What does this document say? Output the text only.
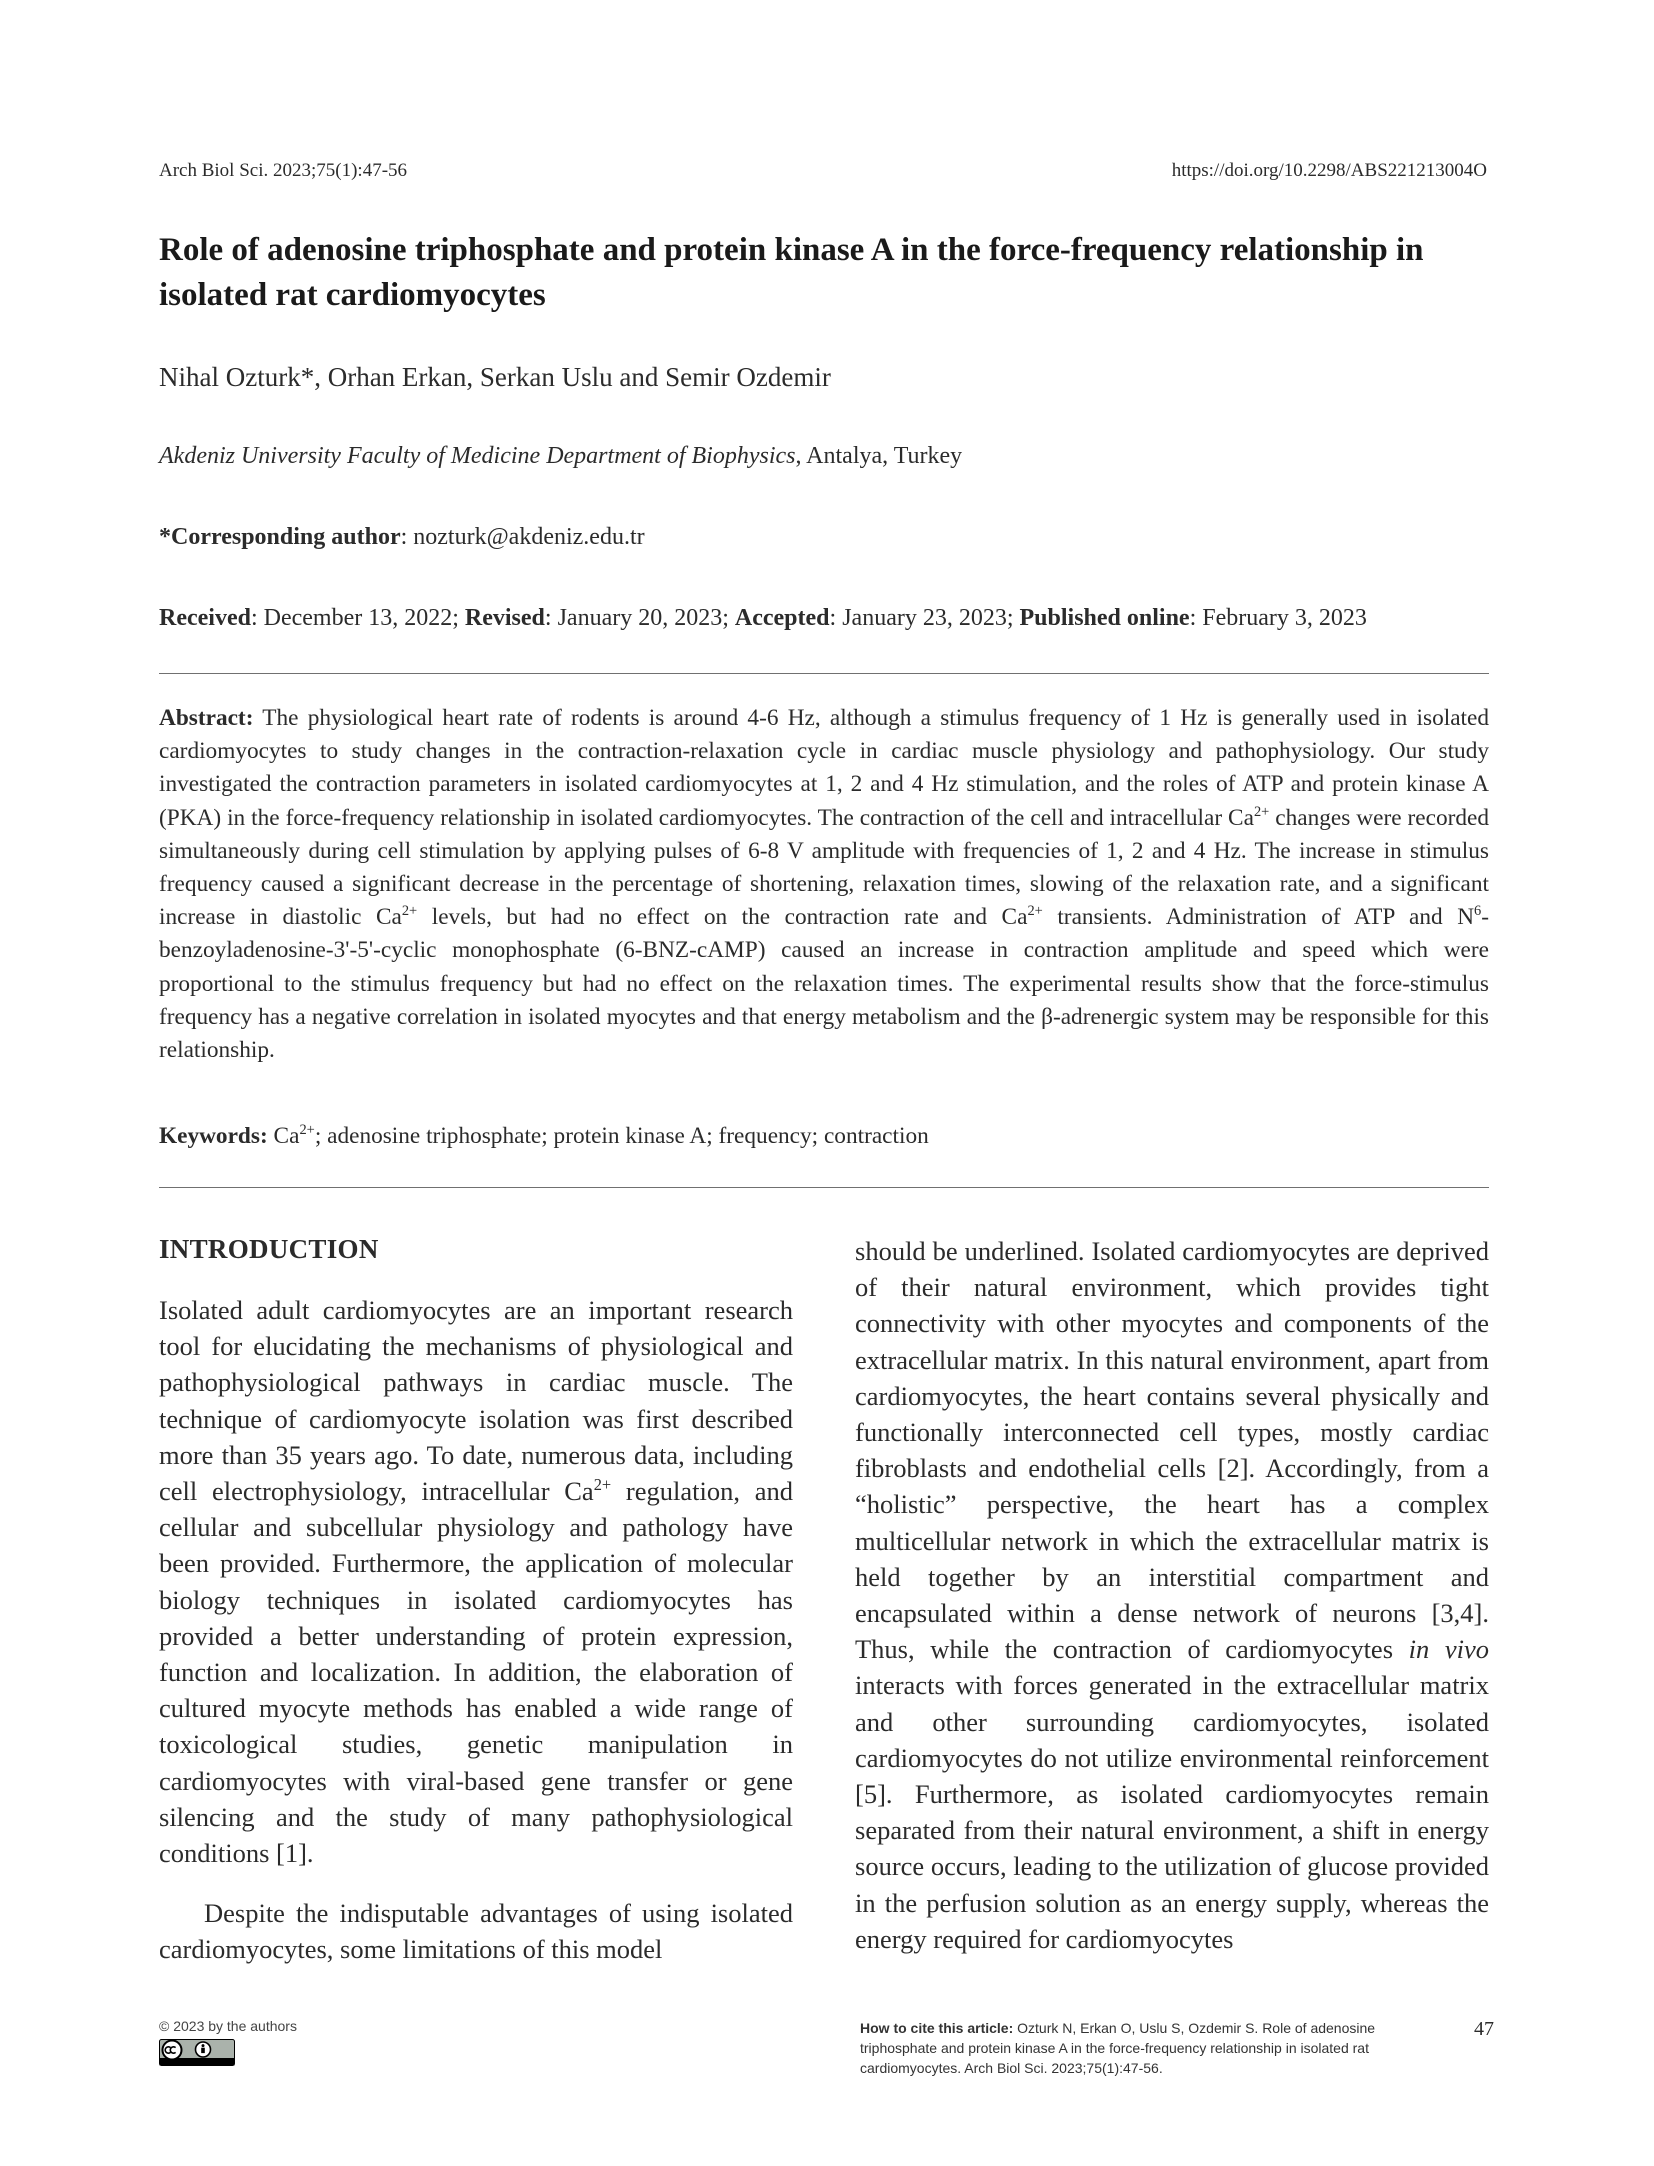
Arch Biol Sci. 2023;75(1):47-56	https://doi.org/10.2298/ABS221213004O
Role of adenosine triphosphate and protein kinase A in the force-frequency relationship in isolated rat cardiomyocytes
Nihal Ozturk*, Orhan Erkan, Serkan Uslu and Semir Ozdemir
Akdeniz University Faculty of Medicine Department of Biophysics, Antalya, Turkey
*Corresponding author: nozturk@akdeniz.edu.tr
Received: December 13, 2022; Revised: January 20, 2023; Accepted: January 23, 2023; Published online: February 3, 2023
Abstract: The physiological heart rate of rodents is around 4-6 Hz, although a stimulus frequency of 1 Hz is generally used in isolated cardiomyocytes to study changes in the contraction-relaxation cycle in cardiac muscle physiology and pathophysiology. Our study investigated the contraction parameters in isolated cardiomyocytes at 1, 2 and 4 Hz stimulation, and the roles of ATP and protein kinase A (PKA) in the force-frequency relationship in isolated cardiomyocytes. The contraction of the cell and intracellular $Ca^{2+}$ changes were recorded simultaneously during cell stimulation by applying pulses of 6-8 V amplitude with frequencies of 1, 2 and 4 Hz. The increase in stimulus frequency caused a significant decrease in the percentage of shortening, relaxation times, slowing of the relaxation rate, and a significant increase in diastolic $Ca^{2+}$ levels, but had no effect on the contraction rate and $Ca^{2+}$ transients. Administration of ATP and $N^6-benzoyladenosine-3'-5'$-cyclic monophosphate (6-BNZ-cAMP) caused an increase in contraction amplitude and speed which were proportional to the stimulus frequency but had no effect on the relaxation times. The experimental results show that the force-stimulus frequency has a negative correlation in isolated myocytes and that energy metabolism and the β-adrenergic system may be responsible for this relationship.
Keywords: $Ca^{2+}$; adenosine triphosphate; protein kinase A; frequency; contraction
INTRODUCTION

Isolated adult cardiomyocytes are an important research tool for elucidating the mechanisms of physiological and pathophysiological pathways in cardiac muscle. The technique of cardiomyocyte isolation was first described more than 35 years ago. To date, numerous data, including cell electrophysiology, intracellular $Ca^{2+}$ regulation, and cellular and subcellular physiology and pathology have been provided. Furthermore, the application of molecular biology techniques in isolated cardiomyocytes has provided a better understanding of protein expression, function and localization. In addition, the elaboration of cultured myocyte methods has enabled a wide range of toxicological studies, genetic manipulation in cardiomyocytes with viral-based gene transfer or gene silencing and the study of many pathophysiological conditions [1].

Despite the indisputable advantages of using isolated cardiomyocytes, some limitations of this model

should be underlined. Isolated cardiomyocytes are deprived of their natural environment, which provides tight connectivity with other myocytes and components of the extracellular matrix. In this natural environment, apart from cardiomyocytes, the heart contains several physically and functionally interconnected cell types, mostly cardiac fibroblasts and endothelial cells [2]. Accordingly, from a “holistic” perspective, the heart has a complex multicellular network in which the extracellular matrix is held together by an interstitial compartment and encapsulated within a dense network of neurons [3,4]. Thus, while the contraction of cardiomyocytes in vivo interacts with forces generated in the extracellular matrix and other surrounding cardiomyocytes, isolated cardiomyocytes do not utilize environmental reinforcement [5]. Furthermore, as isolated cardiomyocytes remain separated from their natural environment, a shift in energy source occurs, leading to the utilization of glucose provided in the perfusion solution as an energy supply, whereas the energy required for cardiomyocytes

© 2023 by the authors	How to cite this article: Ozturk N, Erkan O, Uslu S, Ozdemir S. Role of adenosine triphosphate and protein kinase A in the force-frequency relationship in isolated rat cardiomyocytes. Arch Biol Sci. 2023;75(1):47-56.
47
